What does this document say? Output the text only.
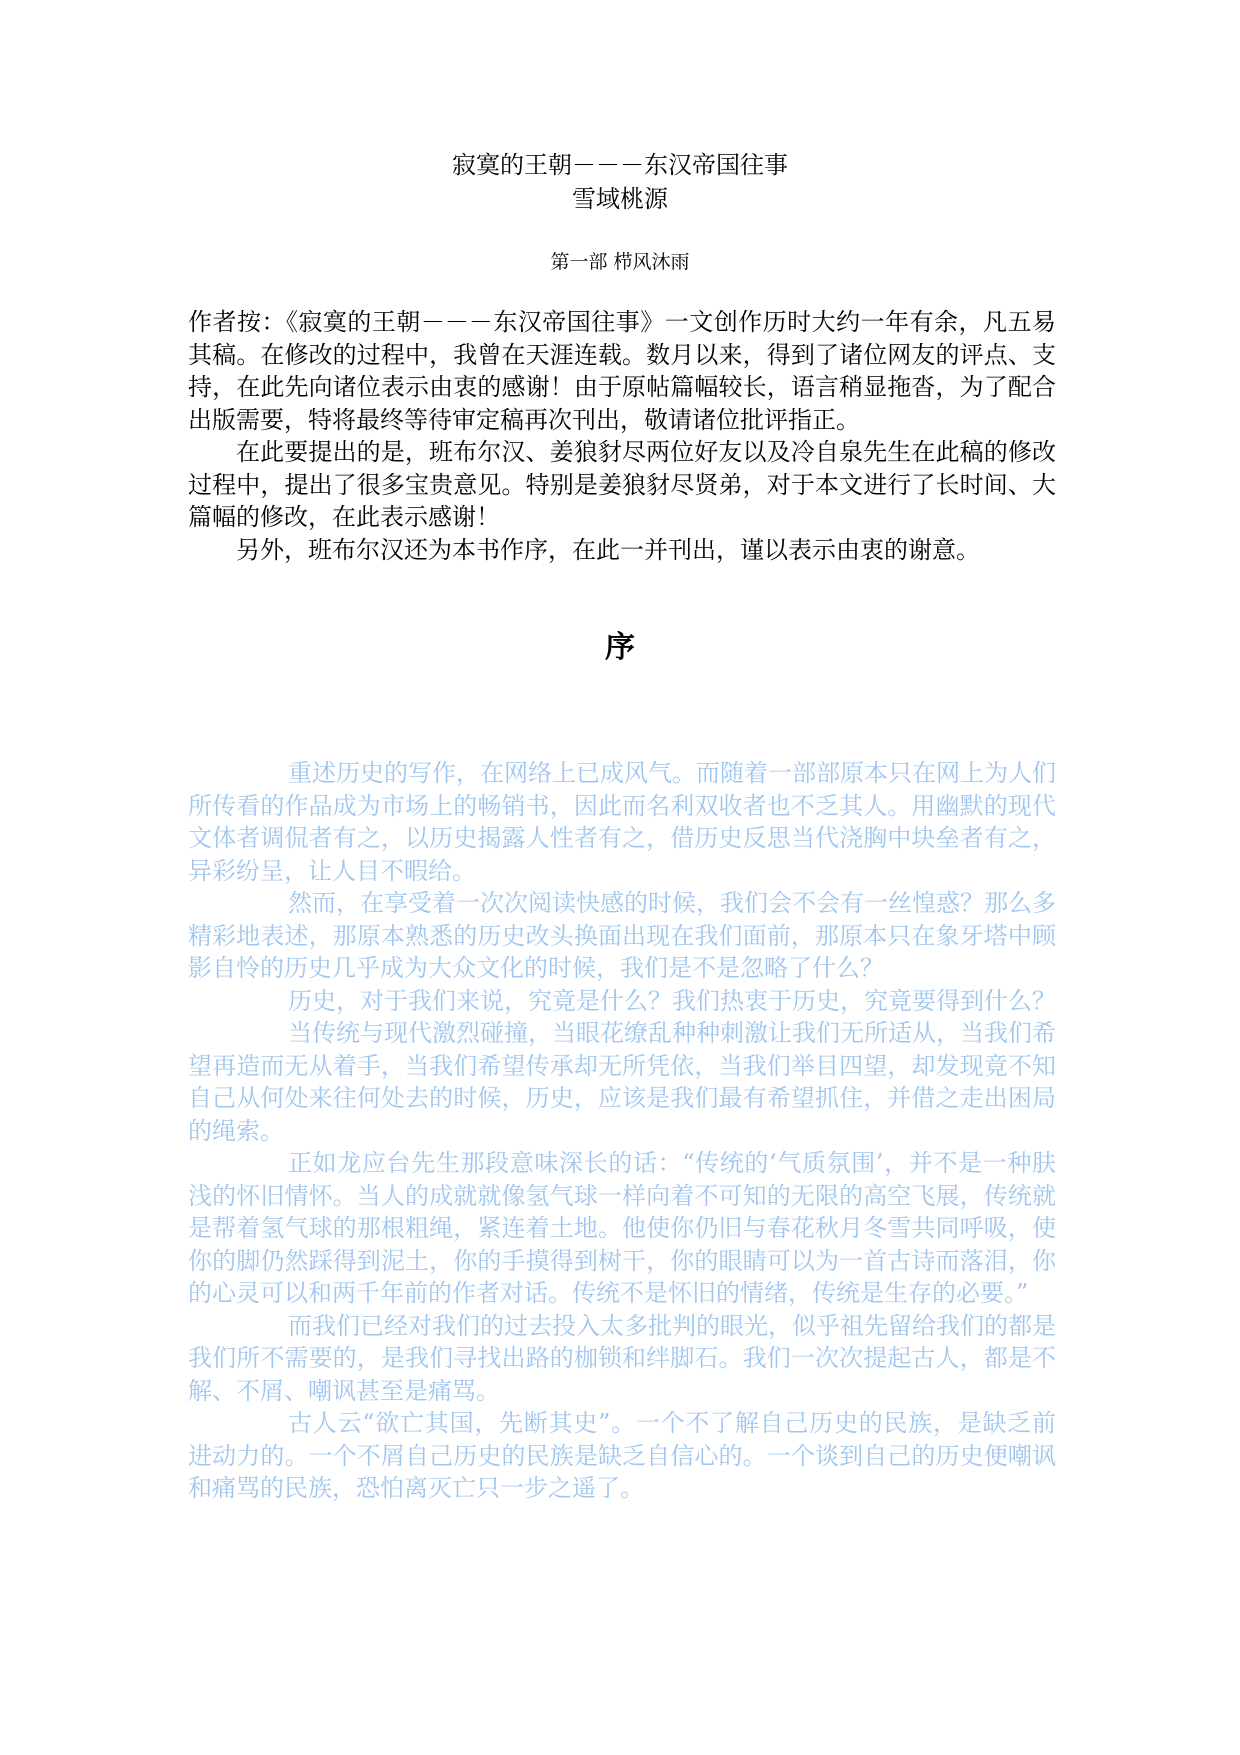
寂寞的王朝－－－东汉帝国往事
雪域桃源
第一部 栉风沐雨

作者按：《寂寞的王朝－－－东汉帝国往事》一文创作历时大约一年有余，凡五易其稿。在修改的过程中，我曾在天涯连载。数月以来，得到了诸位网友的评点、支持，在此先向诸位表示由衷的感谢！由于原帖篇幅较长，语言稍显拖沓，为了配合出版需要，特将最终等待审定稿再次刊出，敬请诸位批评指正。

在此要提出的是，班布尔汉、姜狼豺尽两位好友以及冷自泉先生在此稿的修改过程中，提出了很多宝贵意见。特别是姜狼豺尽贤弟，对于本文进行了长时间、大篇幅的修改，在此表示感谢！

另外，班布尔汉还为本书作序，在此一并刊出，谨以表示由衷的谢意。

序

重述历史的写作，在网络上已成风气。而随着一部部原本只在网上为人们所传看的作品成为市场上的畅销书，因此而名利双收者也不乏其人。用幽默的现代文体者调侃者有之，以历史揭露人性者有之，借历史反思当代浇胸中块垒者有之，异彩纷呈，让人目不暇给。

然而，在享受着一次次阅读快感的时候，我们会不会有一丝惶惑？那么多精彩地表述，那原本熟悉的历史改头换面出现在我们面前，那原本只在象牙塔中顾影自怜的历史几乎成为大众文化的时候，我们是不是忽略了什么？

历史，对于我们来说，究竟是什么？我们热衷于历史，究竟要得到什么？

当传统与现代激烈碰撞，当眼花缭乱种种刺激让我们无所适从，当我们希望再造而无从着手，当我们希望传承却无所凭依，当我们举目四望，却发现竟不知自己从何处来往何处去的时候，历史，应该是我们最有希望抓住，并借之走出困局的绳索。

正如龙应台先生那段意味深长的话：“传统的‘气质氛围’，并不是一种肤浅的怀旧情怀。当人的成就就像氢气球一样向着不可知的无限的高空飞展，传统就是帮着氢气球的那根粗绳，紧连着土地。他使你仍旧与春花秋月冬雪共同呼吸，使你的脚仍然踩得到泥土，你的手摸得到树干，你的眼睛可以为一首古诗而落泪，你的心灵可以和两千年前的作者对话。传统不是怀旧的情绪，传统是生存的必要。”

而我们已经对我们的过去投入太多批判的眼光，似乎祖先留给我们的都是我们所不需要的，是我们寻找出路的枷锁和绊脚石。我们一次次提起古人，都是不解、不屑、嘲讽甚至是痛骂。

古人云“欲亡其国，先断其史”。一个不了解自己历史的民族，是缺乏前进动力的。一个不屑自己历史的民族是缺乏自信心的。一个谈到自己的历史便嘲讽和痛骂的民族，恐怕离灭亡只一步之遥了。
